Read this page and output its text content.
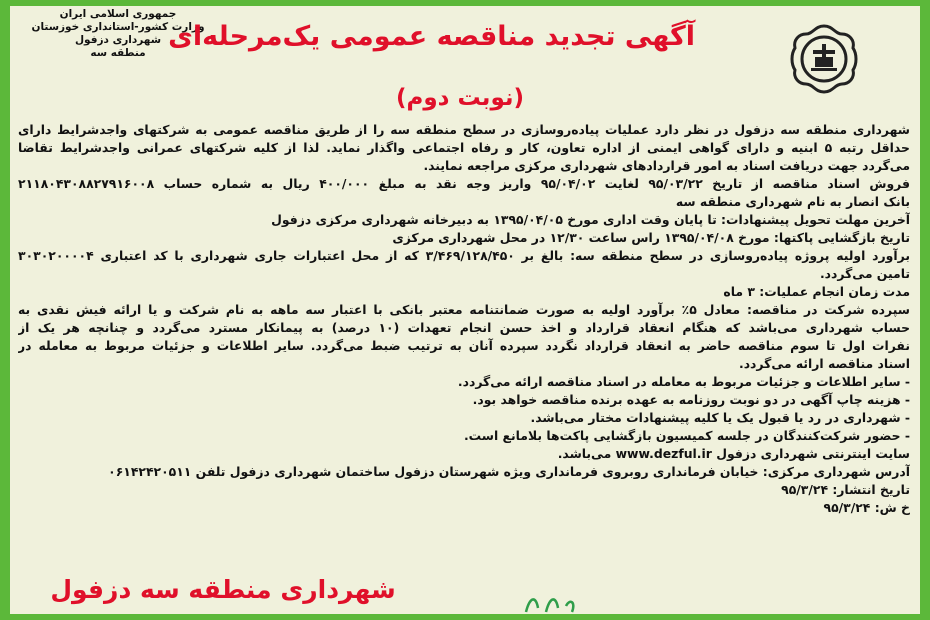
جمهوری اسلامی ایران
وزارت کشور-استانداری خوزستان
شهرداری دزفول
منطقه سه
آگهی تجدید مناقصه عمومی یک‌مرحله‌ای
(نوبت دوم)

شهرداری منطقه سه دزفول در نظر دارد عملیات پیاده‌روسازی در سطح منطقه سه را از طریق مناقصه عمومی به شرکتهای واجدشرایط دارای

حداقل رتبه ۵ ابنیه و دارای گواهی ایمنی از اداره تعاون، کار و رفاه اجتماعی واگذار نماید. لذا از کلیه شرکتهای عمرانی واجدشرایط تقاضا

می‌گردد جهت دریافت اسناد به امور قراردادهای شهرداری مرکزی مراجعه نمایند.

فروش اسناد مناقصه از تاریخ ۹۵/۰۳/۲۲ لغایت ۹۵/۰۴/۰۲ واریز وجه نقد به مبلغ ۴۰۰/۰۰۰ ریال به شماره حساب ۲۱۱۸۰۴۳۰۸۸۲۷۹۱۶۰۰۸

بانک انصار به نام شهرداری منطقه سه

آخرین مهلت تحویل پیشنهادات: تا پایان وقت اداری مورخ ۱۳۹۵/۰۴/۰۵ به دبیرخانه شهرداری مرکزی دزفول

تاریخ بازگشایی پاکتها: مورخ ۱۳۹۵/۰۴/۰۸ راس ساعت ۱۲/۳۰ در محل شهرداری مرکزی

برآورد اولیه پروژه پیاده‌روسازی در سطح منطقه سه: بالغ بر ۳/۴۶۹/۱۲۸/۴۵۰ که از محل اعتبارات جاری شهرداری با کد اعتباری ۳۰۳۰۲۰۰۰۰۴

تامین می‌گردد.

مدت زمان انجام عملیات: ۳ ماه

سپرده شرکت در مناقصه: معادل ۵٪ برآورد اولیه به صورت ضمانتنامه معتبر بانکی با اعتبار سه ماهه به نام شرکت و یا ارائه فیش نقدی به

حساب شهرداری می‌باشد که هنگام انعقاد قرارداد و اخذ حسن انجام تعهدات (۱۰ درصد) به پیمانکار مسترد می‌گردد و چنانچه هر یک از

نفرات اول تا سوم مناقصه حاضر به انعقاد قرارداد نگردد سپرده آنان به ترتیب ضبط می‌گردد. سایر اطلاعات و جزئیات مربوط به معامله در

اسناد مناقصه ارائه می‌گردد.

- سایر اطلاعات و جزئیات مربوط به معامله در اسناد مناقصه ارائه می‌گردد.

- هزینه چاپ آگهی در دو نوبت روزنامه به عهده برنده مناقصه خواهد بود.

- شهرداری در رد یا قبول یک یا کلیه پیشنهادات مختار می‌باشد.

- حضور شرکت‌کنندگان در جلسه کمیسیون بازگشایی پاکت‌ها بلامانع است.

سایت اینترنتی شهرداری دزفول www.dezful.ir می‌باشد.

آدرس شهرداری مرکزی: خیابان فرمانداری روبروی فرمانداری ویژه شهرستان دزفول ساختمان شهرداری دزفول تلفن ۰۶۱۴۲۴۲۰۵۱۱

تاریخ انتشار: ۹۵/۳/۲۴

خ ش: ۹۵/۳/۲۴

شهرداری منطقه سه دزفول
